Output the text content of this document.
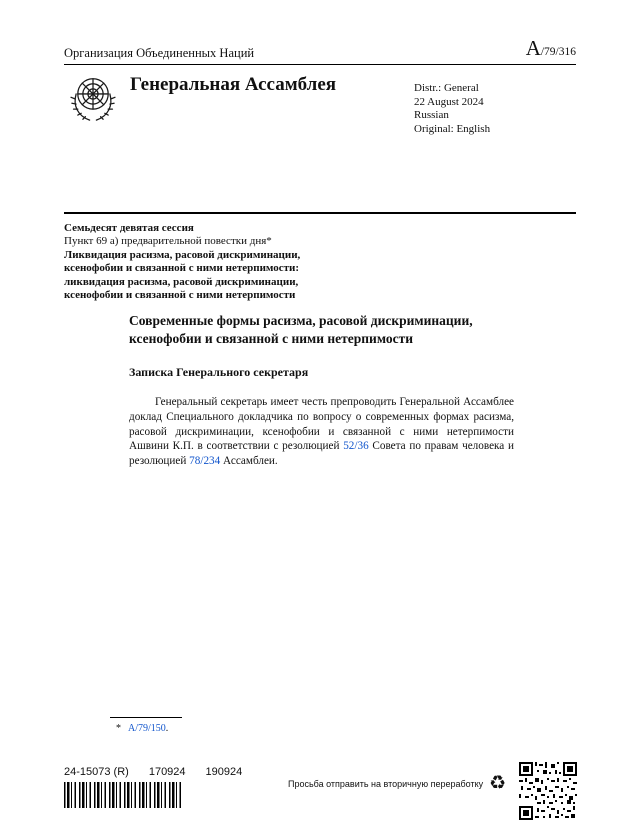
Организация Объединенных Наций	A/79/316
Генеральная Ассамблея	Distr.: General
22 August 2024
Russian
Original: English
Семьдесят девятая сессия
Пункт 69 a) предварительной повестки дня*
Ликвидация расизма, расовой дискриминации, ксенофобии и связанной с ними нетерпимости: ликвидация расизма, расовой дискриминации, ксенофобии и связанной с ними нетерпимости
Современные формы расизма, расовой дискриминации, ксенофобии и связанной с ними нетерпимости
Записка Генерального секретаря

Генеральный секретарь имеет честь препроводить Генеральной Ассамблее доклад Специального докладчика по вопросу о современных формах расизма, расовой дискриминации, ксенофобии и связанной с ними нетерпимости Ашвини К.П. в соответствии с резолюцией 52/36 Совета по правам человека и резолюцией 78/234 Ассамблеи.

* A/79/150.
24-15073 (R) 170924 190924
Просьба отправить на вторичную переработку ♻
